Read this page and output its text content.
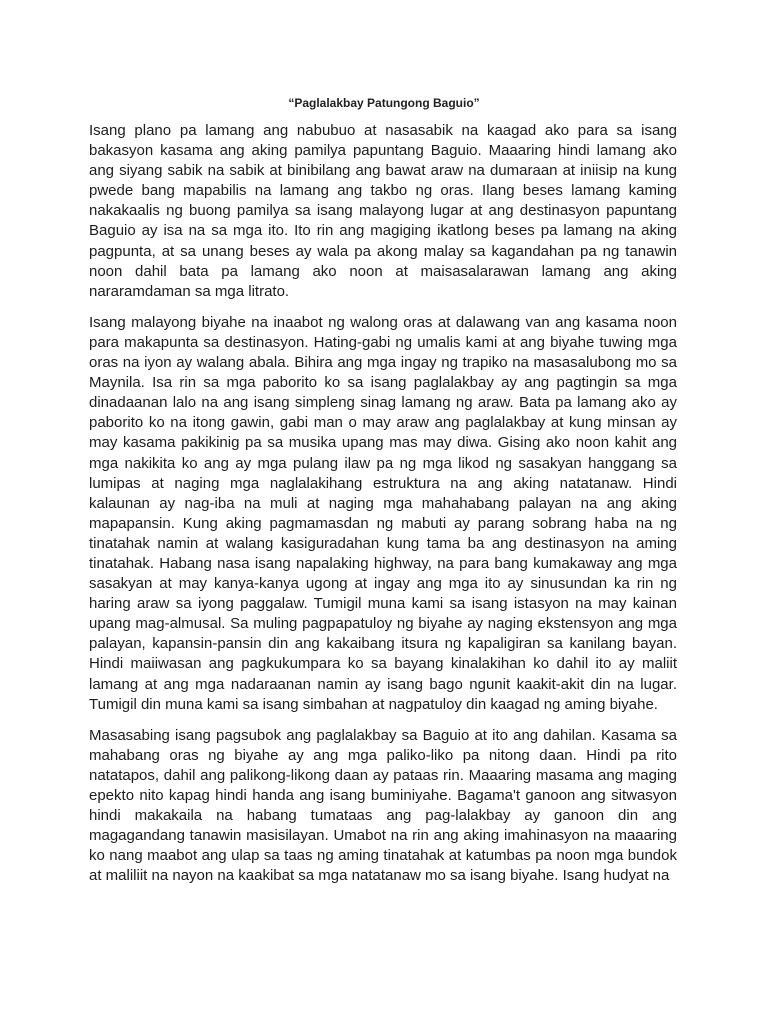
“Paglalakbay Patungong Baguio”

Isang plano pa lamang ang nabubuo at nasasabik na kaagad ako para sa isang bakasyon kasama ang aking pamilya papuntang Baguio. Maaaring hindi lamang ako ang siyang sabik na sabik at binibilang ang bawat araw na dumaraan at iniisip na kung pwede bang mapabilis na lamang ang takbo ng oras. Ilang beses lamang kaming nakakaalis ng buong pamilya sa isang malayong lugar at ang destinasyon papuntang Baguio ay isa na sa mga ito. Ito rin ang magiging ikatlong beses pa lamang na aking pagpunta, at sa unang beses ay wala pa akong malay sa kagandahan pa ng tanawin noon dahil bata pa lamang ako noon at maisasalarawan lamang ang aking nararamdaman sa mga litrato.

Isang malayong biyahe na inaabot ng walong oras at dalawang van ang kasama noon para makapunta sa destinasyon. Hating-gabi ng umalis kami at ang biyahe tuwing mga oras na iyon ay walang abala. Bihira ang mga ingay ng trapiko na masasalubong mo sa Maynila. Isa rin sa mga paborito ko sa isang paglalakbay ay ang pagtingin sa mga dinadaanan lalo na ang isang simpleng sinag lamang ng araw. Bata pa lamang ako ay paborito ko na itong gawin, gabi man o may araw ang paglalakbay at kung minsan ay may kasama pakikinig pa sa musika upang mas may diwa. Gising ako noon kahit ang mga nakikita ko ang ay mga pulang ilaw pa ng mga likod ng sasakyan hanggang sa lumipas at naging mga naglalakihang estruktura na ang aking natatanaw. Hindi kalaunan ay nag-iba na muli at naging mga mahahabang palayan na ang aking mapapansin. Kung aking pagmamasdan ng mabuti ay parang sobrang haba na ng tinatahak namin at walang kasiguradahan kung tama ba ang destinasyon na aming tinatahak. Habang nasa isang napalaking highway, na para bang kumakaway ang mga sasakyan at may kanya-kanya ugong at ingay ang mga ito ay sinusundan ka rin ng haring araw sa iyong paggalaw. Tumigil muna kami sa isang istasyon na may kainan upang mag-almusal. Sa muling pagpapatuloy ng biyahe ay naging ekstensyon ang mga palayan, kapansin-pansin din ang kakaibang itsura ng kapaligiran sa kanilang bayan. Hindi maiiwasan ang pagkukumpara ko sa bayang kinalakihan ko dahil ito ay maliit lamang at ang mga nadaraanan namin ay isang bago ngunit kaakit-akit din na lugar. Tumigil din muna kami sa isang simbahan at nagpatuloy din kaagad ng aming biyahe.

Masasabing isang pagsubok ang paglalakbay sa Baguio at ito ang dahilan. Kasama sa mahabang oras ng biyahe ay ang mga paliko-liko pa nitong daan. Hindi pa rito natatapos, dahil ang palikong-likong daan ay pataas rin. Maaaring masama ang maging epekto nito kapag hindi handa ang isang buminiyahe. Bagama't ganoon ang sitwasyon hindi makakaila na habang tumataas ang pag-lalakbay ay ganoon din ang magagandang tanawin masisilayan. Umabot na rin ang aking imahinasyon na maaaring ko nang maabot ang ulap sa taas ng aming tinatahak at katumbas pa noon mga bundok at maliliit na nayon na kaakibat sa mga natatanaw mo sa isang biyahe. Isang hudyat na
